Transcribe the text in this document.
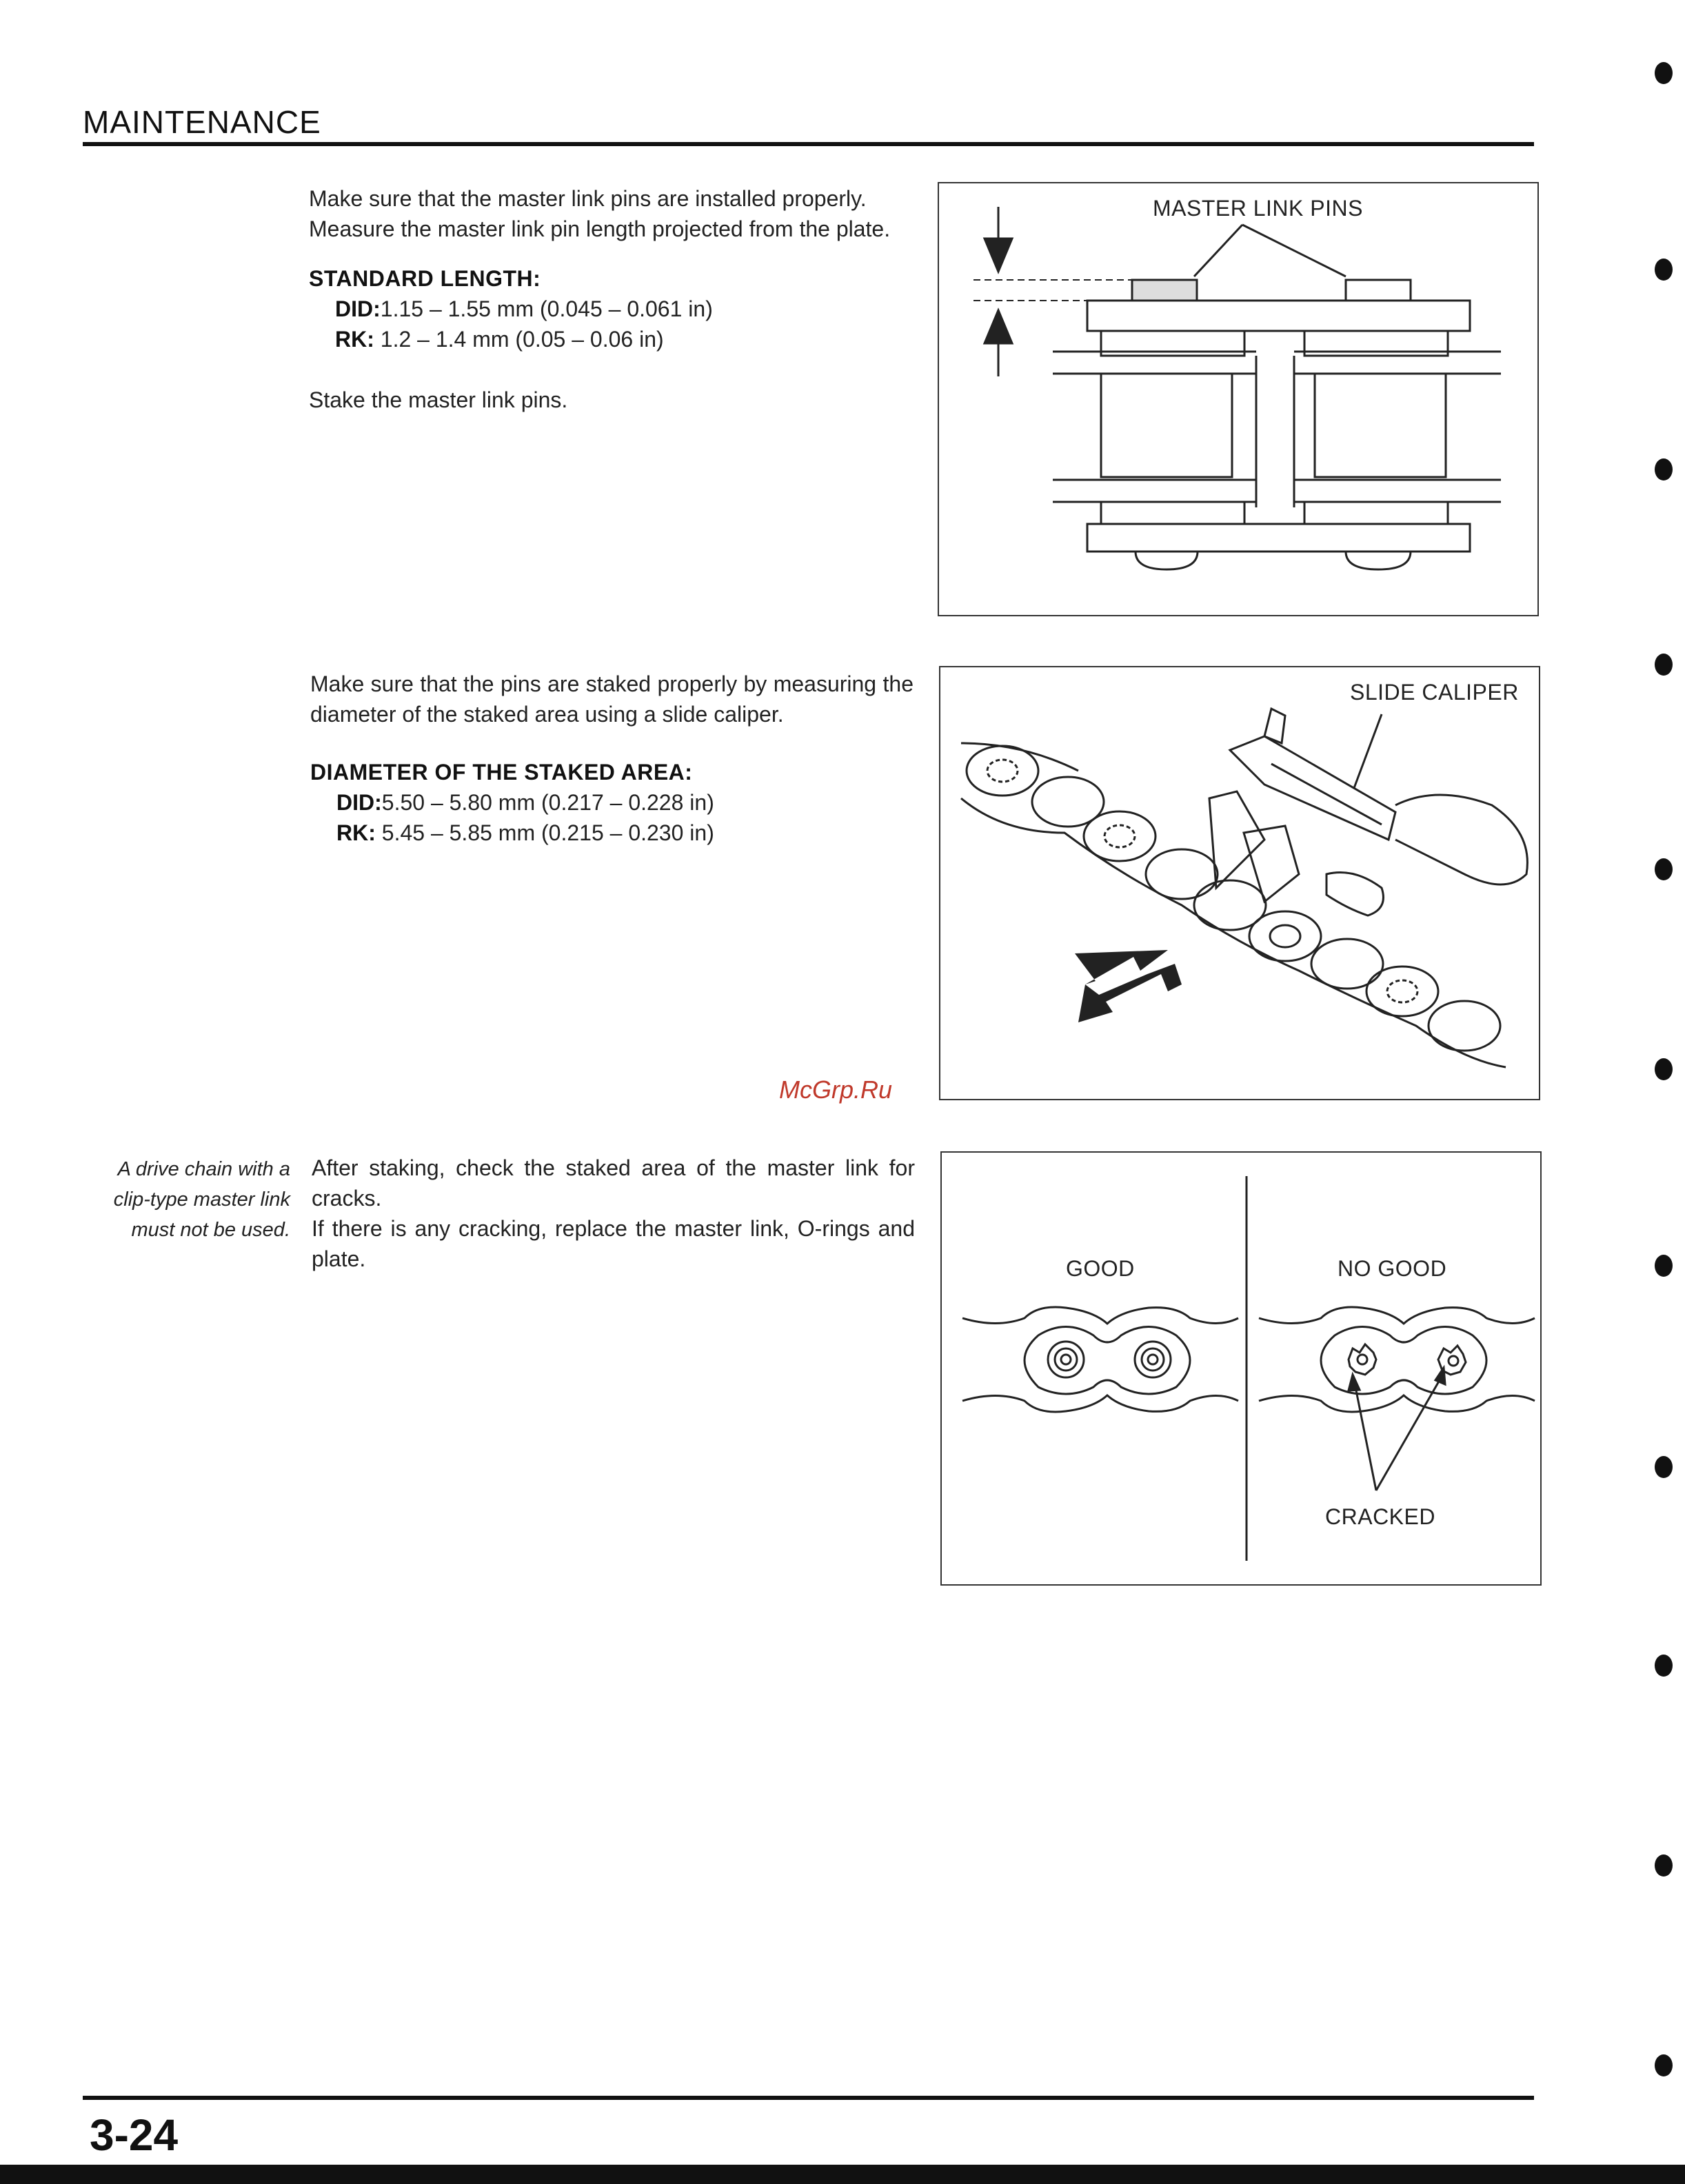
MAINTENANCE

Make sure that the master link pins are installed properly.

Measure the master link pin length projected from the plate.

STANDARD LENGTH:
DID:1.15 – 1.55 mm (0.045 – 0.061 in)
RK: 1.2 – 1.4 mm (0.05 – 0.06 in)

Stake the master link pins.

MASTER LINK PINS

Make sure that the pins are staked properly by measuring the diameter of the staked area using a slide caliper.

DIAMETER OF THE STAKED AREA:
DID:5.50 – 5.80 mm (0.217 – 0.228 in)
RK: 5.45 – 5.85 mm (0.215 – 0.230 in)
SLIDE CALIPER
McGrp.Ru
A drive chain with a clip-type master link must not be used.

After staking, check the staked area of the master link for cracks.

If there is any cracking, replace the master link, O-rings and plate.	GOOD	NO GOOD
CRACKED
3-24
